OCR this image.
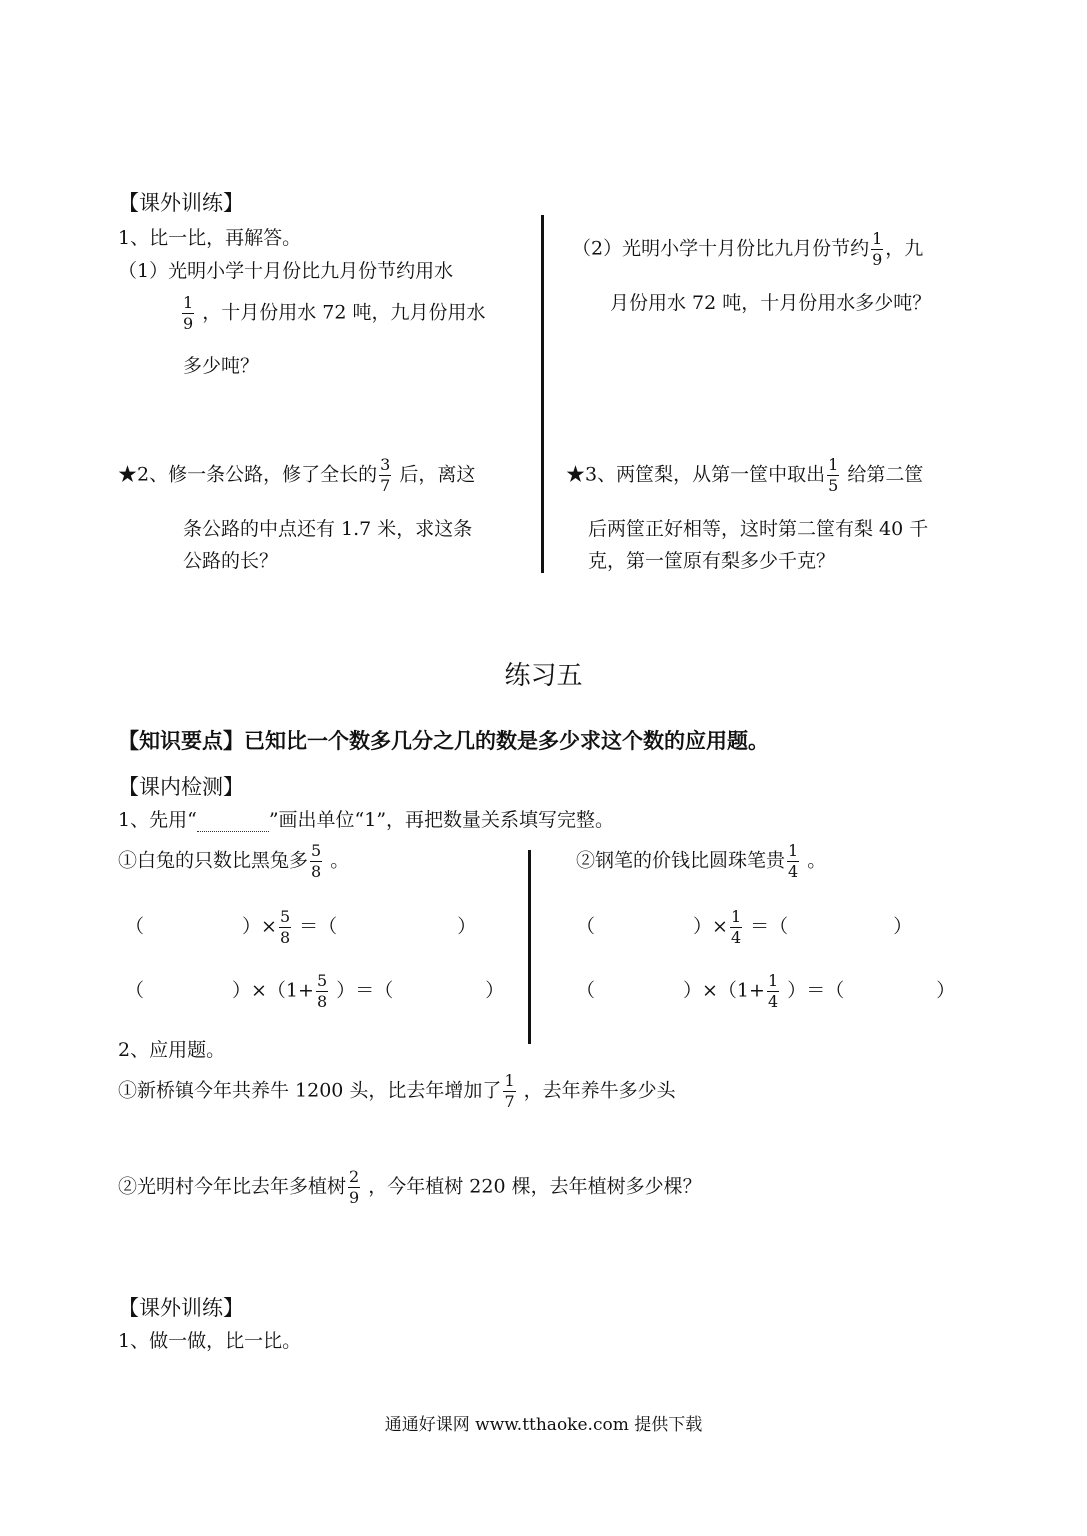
【课外训练】
1、比一比，再解答。
（1）光明小学十月份比九月份节约用水
$\frac{1}{9}$ ，十月份用水 72 吨，九月份用水
多少吨？
（2）光明小学十月份比九月份节约 $\frac{1}{9}$ ，九
月份用水 72 吨，十月份用水多少吨？
★2、修一条公路，修了全长的 $\frac{3}{7}$ 后，离这
条公路的中点还有 1.7 米，求这条
公路的长？
★3、两筐梨，从第一筐中取出 $\frac{1}{5}$ 给第二筐
后两筐正好相等，这时第二筐有梨 40 千
克，第一筐原有梨多少千克？
练习五
【知识要点】已知比一个数多几分之几的数是多少求这个数的应用题。
【课内检测】
1、先用“	”画出单位“1”，再把数量关系填写完整。
①白兔的只数比黑兔多 $\frac{5}{8}$ 。	②钢笔的价钱比圆珠笔贵 $\frac{1}{4}$ 。
（	）× $\frac{5}{8}$ ＝（	）
（	）$\times(1+ \frac{5}{8}$ ）＝（	）
（	）× $\frac{1}{4}$ ＝（	）
（	）$\times(1+ \frac{1}{4}$ ）＝（	）
2、应用题。
①新桥镇今年共养牛 1200 头，比去年增加了 $\frac{1}{7}$ ，去年养牛多少头
②光明村今年比去年多植树 $\frac{2}{9}$ ，今年植树 220 棵，去年植树多少棵？
【课外训练】
1、做一做，比一比。
通通好课网 www.tthaoke.com 提供下载
